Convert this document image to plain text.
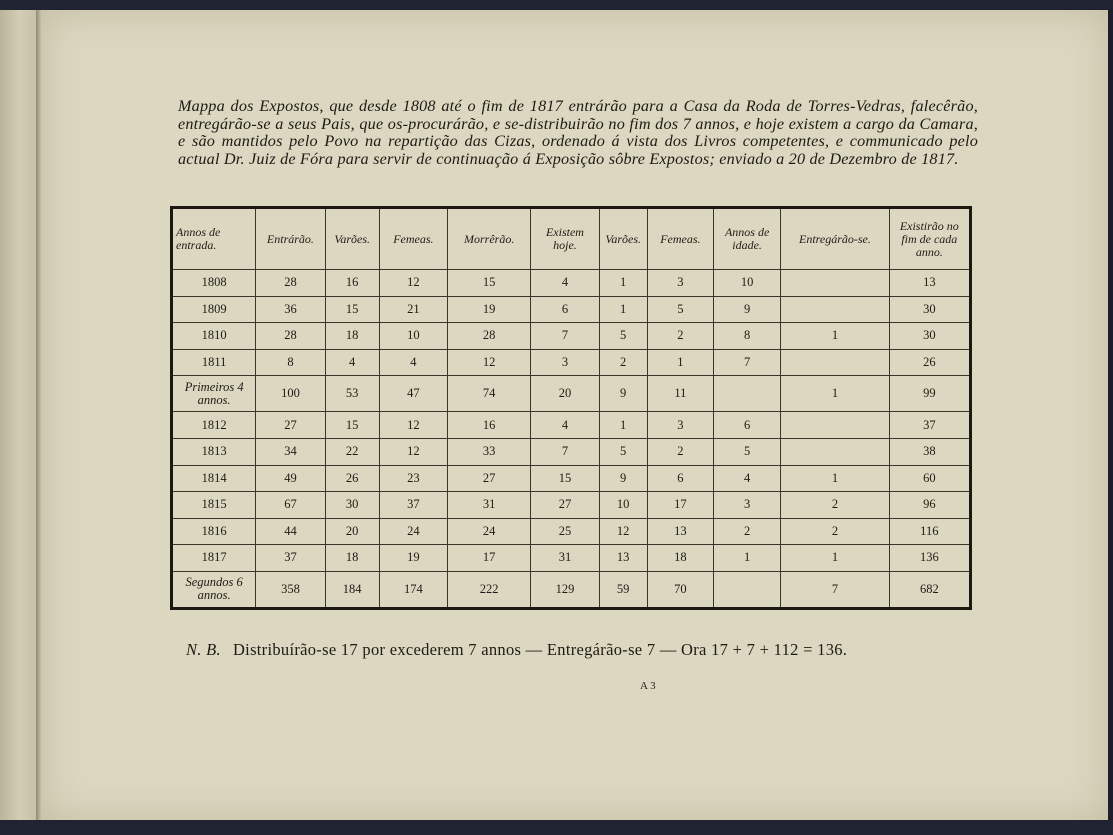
Mappa dos Expostos, que desde 1808 até o fim de 1817 entrárão para a Casa da Roda de Torres-Vedras, falecêrão, entregárão-se a seus Pais, que os-procurárão, e se-distribuirão no fim dos 7 annos, e hoje existem a cargo da Camara, e são mantidos pelo Povo na repartição das Cizas, ordenado á vista dos Livros competentes, e communicado pelo actual Dr. Juiz de Fóra para servir de continuação á Exposição sôbre Expostos; enviado a 20 de Dezembro de 1817.
Annos de entrada.	Entrárão.	Varões.	Femeas.	Morrêrão.	Existem hoje.	Varões.	Femeas.	Annos de idade.	Entregárão-se.	Existirão no fim de cada anno.
1808	28	16	12	15	4	1	3	10		13
1809	36	15	21	19	6	1	5	9		30
1810	28	18	10	28	7	5	2	8	1	30
1811	8	4	4	12	3	2	1	7		26
Primeiros 4 annos.	100	53	47	74	20	9	11		1	99
1812	27	15	12	16	4	1	3	6		37
1813	34	22	12	33	7	5	2	5		38
1814	49	26	23	27	15	9	6	4	1	60
1815	67	30	37	31	27	10	17	3	2	96
1816	44	20	24	24	25	12	13	2	2	116
1817	37	18	19	17	31	13	18	1	1	136
Segundos 6 annos.	358	184	174	222	129	59	70		7	682
N. B. Distribuírão-se 17 por excederem 7 annos — Entregárão-se 7 — Ora 17 + 7 + 112 = 136.
A 3
